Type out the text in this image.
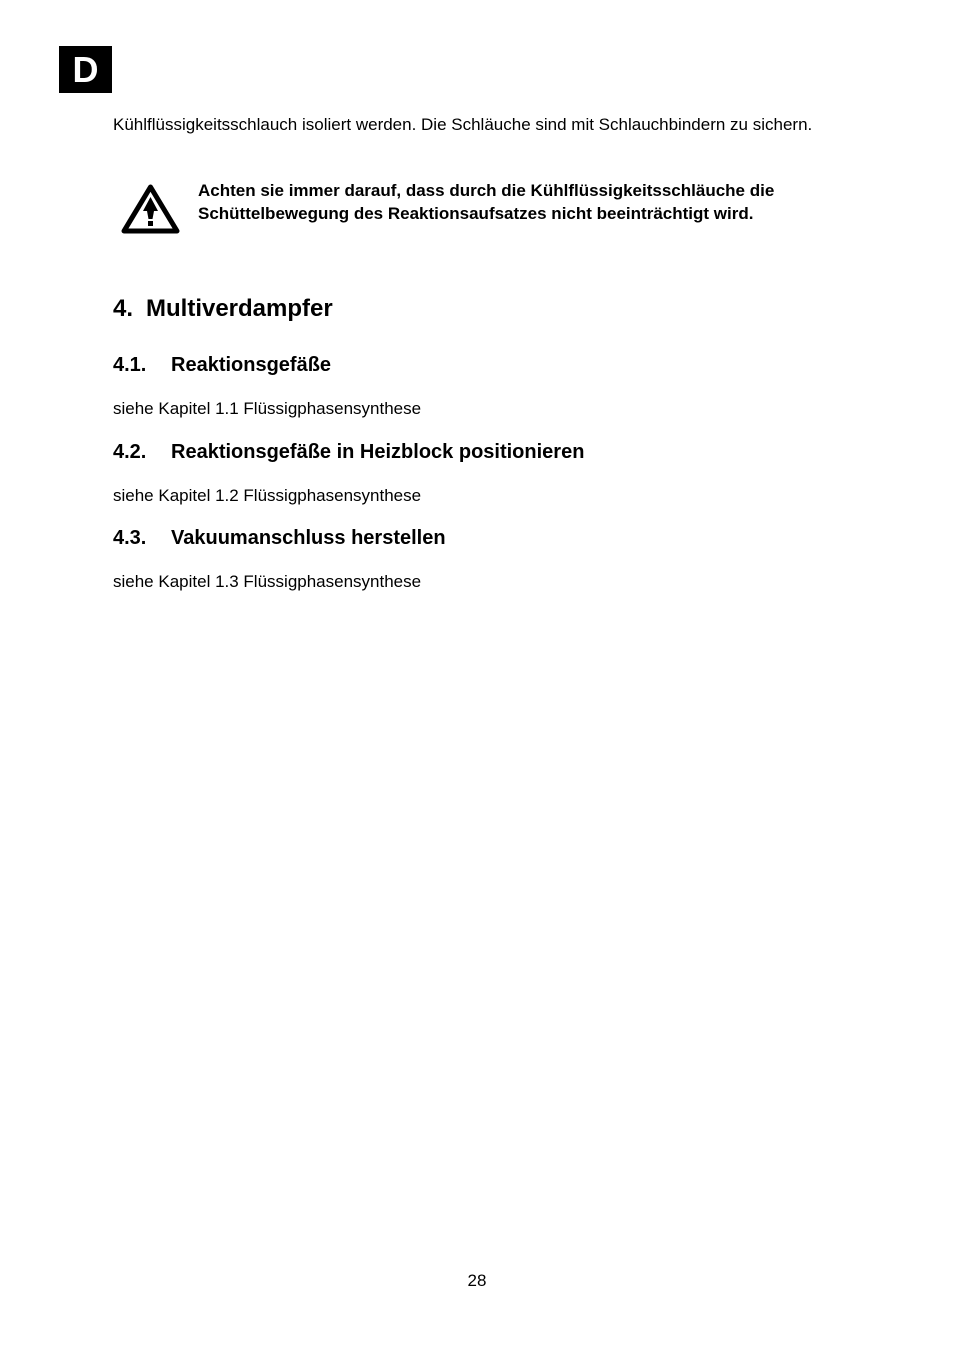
D

Kühlflüssigkeitsschlauch isoliert werden. Die Schläuche sind mit Schlauchbindern zu sichern.

Achten sie immer darauf, dass durch die Kühlflüssigkeitsschläuche die Schüttelbewegung des Reaktionsaufsatzes nicht beeinträchtigt wird.

4. Multiverdampfer
4.1. Reaktionsgefäße

siehe Kapitel 1.1 Flüssigphasensynthese

4.2. Reaktionsgefäße in Heizblock positionieren

siehe Kapitel 1.2 Flüssigphasensynthese

4.3. Vakuumanschluss herstellen

siehe Kapitel 1.3 Flüssigphasensynthese

28
